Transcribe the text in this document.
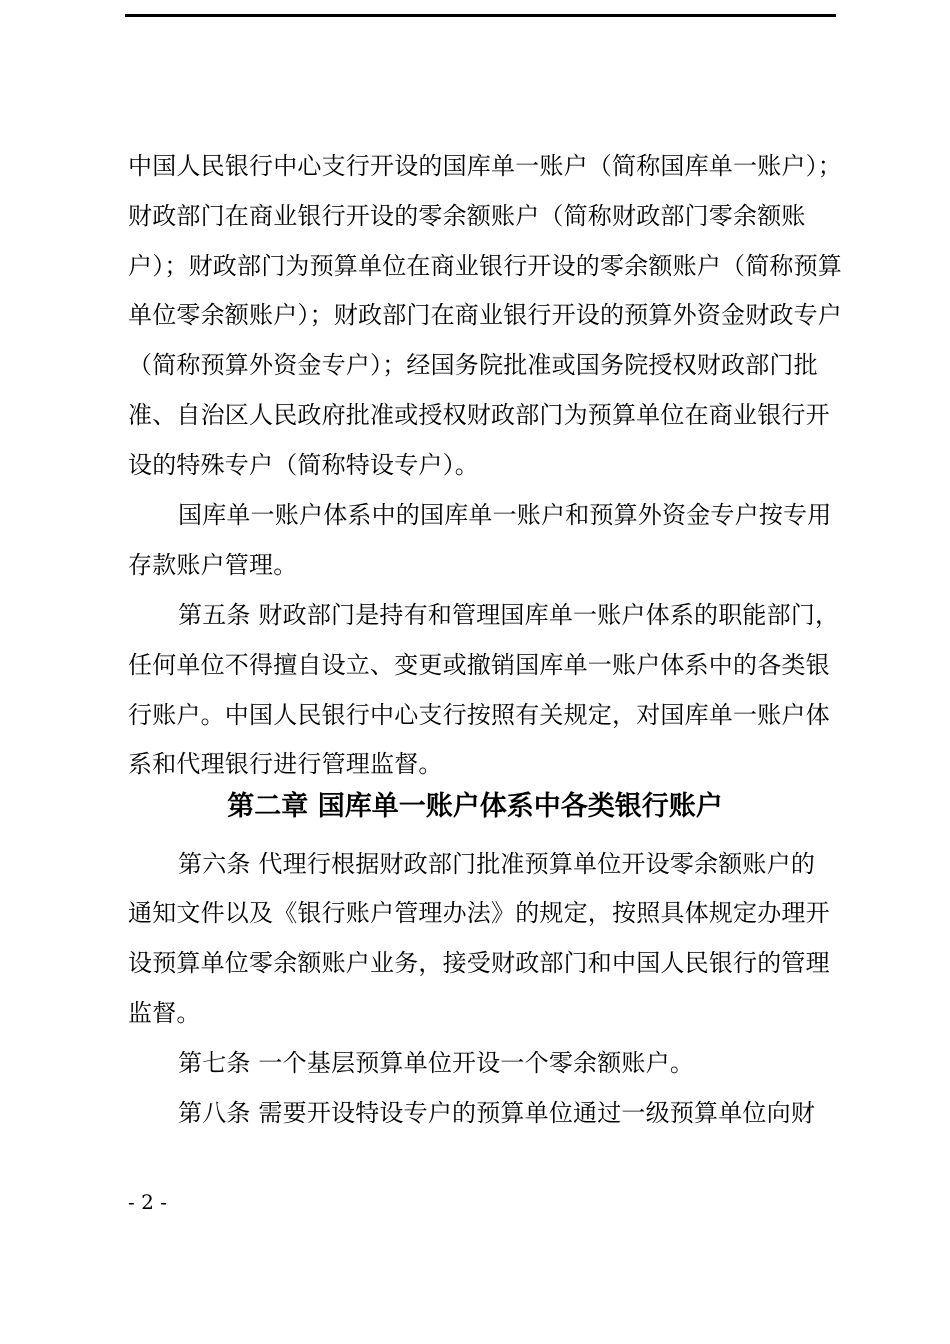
中国人民银行中心支行开设的国库单一账户（简称国库单一账户）；
财政部门在商业银行开设的零余额账户（简称财政部门零余额账
户）；财政部门为预算单位在商业银行开设的零余额账户（简称预算
单位零余额账户）；财政部门在商业银行开设的预算外资金财政专户
（简称预算外资金专户）；经国务院批准或国务院授权财政部门批
准、自治区人民政府批准或授权财政部门为预算单位在商业银行开
设的特殊专户（简称特设专户）。
国库单一账户体系中的国库单一账户和预算外资金专户按专用
存款账户管理。
第五条 财政部门是持有和管理国库单一账户体系的职能部门，
任何单位不得擅自设立、变更或撤销国库单一账户体系中的各类银
行账户。中国人民银行中心支行按照有关规定，对国库单一账户体
系和代理银行进行管理监督。
第二章 国库单一账户体系中各类银行账户
第六条 代理行根据财政部门批准预算单位开设零余额账户的
通知文件以及《银行账户管理办法》的规定，按照具体规定办理开
设预算单位零余额账户业务，接受财政部门和中国人民银行的管理
监督。
第七条 一个基层预算单位开设一个零余额账户。
第八条 需要开设特设专户的预算单位通过一级预算单位向财
- 2 -
